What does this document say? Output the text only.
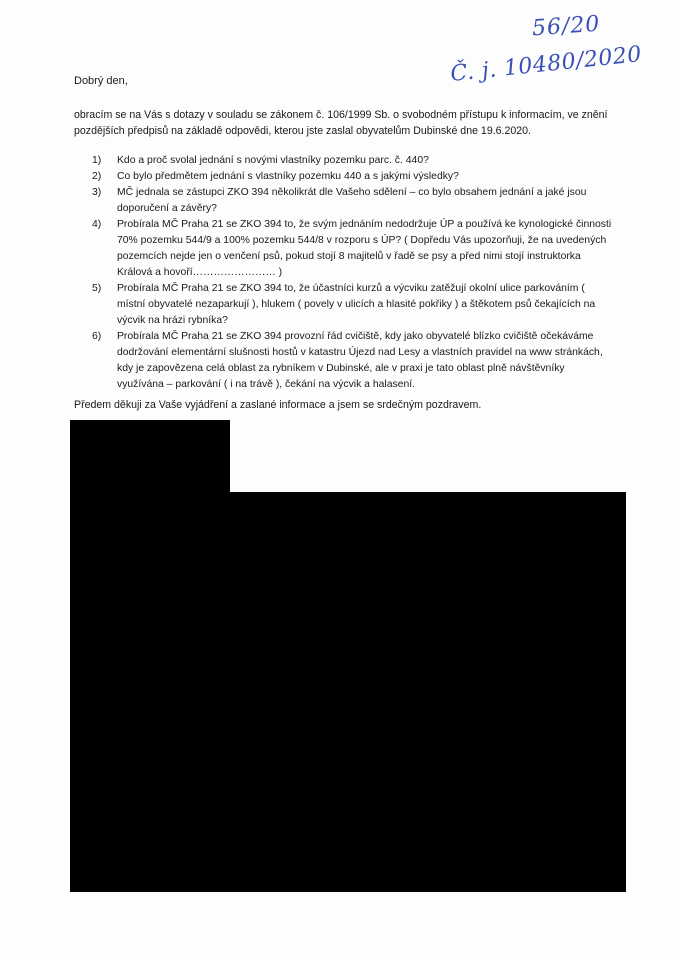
56/20
Č. j. 10480/2020
Dobrý den,
obracím se na Vás s dotazy v souladu se zákonem č. 106/1999 Sb. o svobodném přístupu k informacím, ve znění pozdějších předpisů na základě odpovědi, kterou jste zaslal obyvatelům Dubinské dne 19.6.2020.
1) Kdo a proč svolal jednání s novými vlastníky pozemku parc. č. 440?
2) Co bylo předmětem jednání s vlastníky pozemku 440 a s jakými výsledky?
3) MČ jednala se zástupci ZKO 394 několikrát dle Vašeho sdělení – co bylo obsahem jednání a jaké jsou doporučení a závěry?
4) Probírala MČ Praha 21 se ZKO 394 to, že svým jednáním nedodržuje ÚP a používá ke kynologické činnosti 70% pozemku 544/9 a 100% pozemku 544/8 v rozporu s ÚP? ( Dopředu Vás upozorňuji, že na uvedených pozemcích nejde jen o venčení psů, pokud stojí 8 majitelů v řadě se psy a před nimi stojí instruktorka Králová a hovoří…………………… )
5) Probírala MČ Praha 21 se ZKO 394 to, že účastníci kurzů a výcviku zatěžují okolní ulice parkováním ( místní obyvatelé nezaparkují ), hlukem ( povely v ulicích a hlasité pokřiky ) a štěkotem psů čekajících na výcvik na hrázi rybníka?
6) Probírala MČ Praha 21 se ZKO 394 provozní řád cvičiště, kdy jako obyvatelé blízko cvičiště očekáváme dodržování elementární slušnosti hostů v katastru Újezd nad Lesy a vlastních pravidel na www stránkách, kdy je zapovězena celá oblast za rybníkem v Dubinské, ale v praxi je tato oblast plně návštěvníky využívána – parkování ( i na trávě ), čekání na výcvik a halasení.
Předem děkuji za Vaše vyjádření a zaslané informace a jsem se srdečným pozdravem.
